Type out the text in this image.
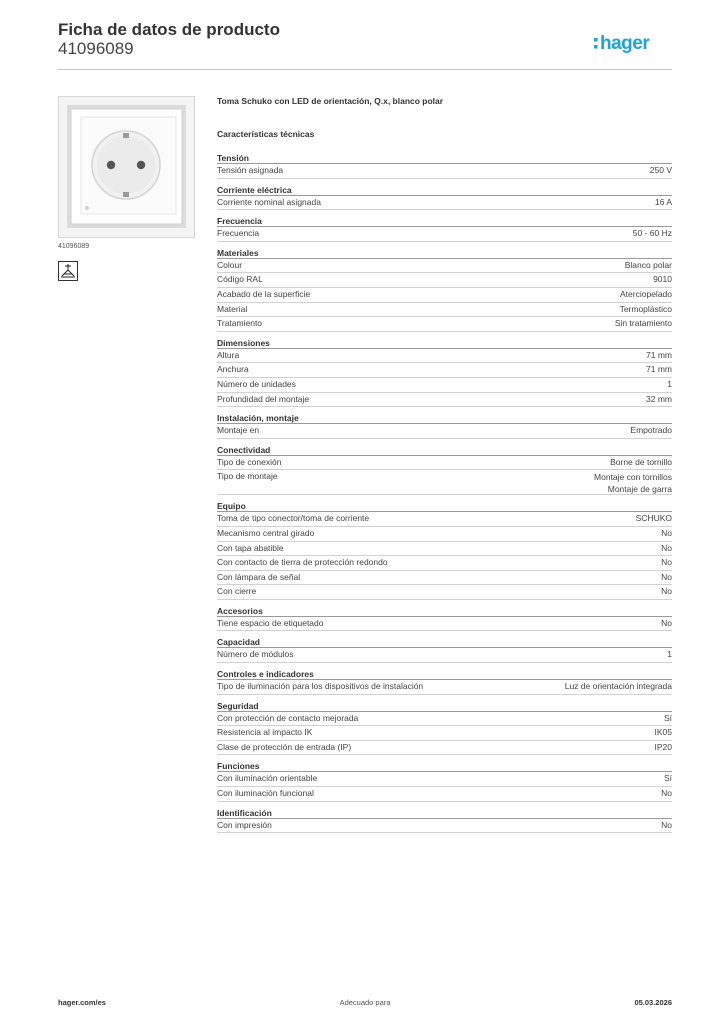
Ficha de datos de producto
41096089	hager
41096089
Toma Schuko con LED de orientación, Q.x, blanco polar
Características técnicas
Tensión
Tensión asignada	250 V
Corriente eléctrica
Corriente nominal asignada	16 A
Frecuencia
Frecuencia	50 - 60 Hz
Materiales
Colour	Blanco polar
Código RAL	9010
Acabado de la superficie	Aterciopelado
Material	Termoplástico
Tratamiento	Sin tratamiento
Dimensiones
Altura	71 mm
Anchura	71 mm
Número de unidades	1
Profundidad del montaje	32 mm
Instalación, montaje
Montaje en	Empotrado
Conectividad
Tipo de conexión	Borne de tornillo
Tipo de montaje	Montaje con tornillos
Montaje de garra
Equipo
Toma de tipo conector/toma de corriente	SCHUKO
Mecanismo central girado	No
Con tapa abatible	No
Con contacto de tierra de protección redondo	No
Con lámpara de señal	No
Con cierre	No
Accesorios
Tiene espacio de etiquetado	No
Capacidad
Número de módulos	1
Controles e indicadores
Tipo de iluminación para los dispositivos de instalación	Luz de orientación integrada
Seguridad
Con protección de contacto mejorada	Sí
Resistencia al impacto IK	IK05
Clase de protección de entrada (IP)	IP20
Funciones
Con iluminación orientable	Sí
Con iluminación funcional	No
Identificación
Con impresión	No
hager.com/es	Adecuado para	05.03.2026
